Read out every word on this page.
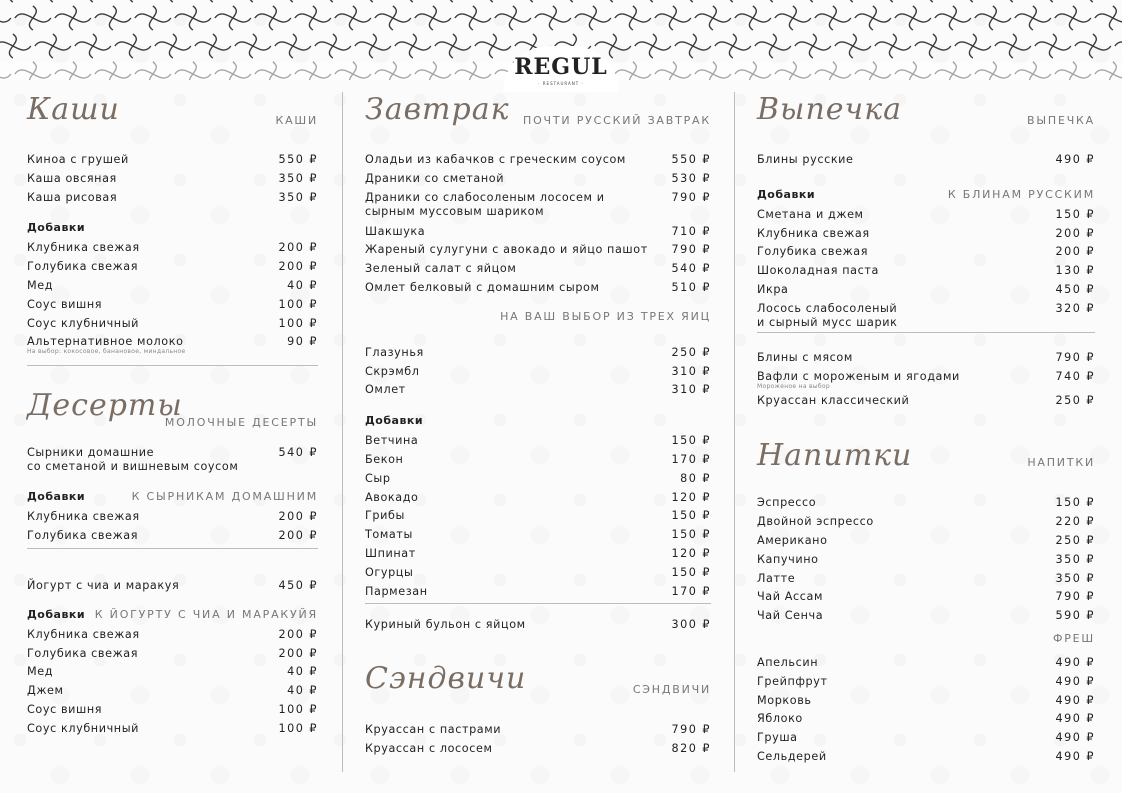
REGUL
· RESTAURANT ·
Каши	КАШИ
Киноа с грушей	550 ₽
Каша овсяная	350 ₽
Каша рисовая	350 ₽
Добавки
Клубника свежая	200 ₽
Голубика свежая	200 ₽
Мед	40 ₽
Соус вишня	100 ₽
Соус клубничный	100 ₽
Альтернативное молоко	90 ₽
На выбор: кокосовое, банановое, миндальное
Десерты
МОЛОЧНЫЕ ДЕСЕРТЫ
Сырники домашние
со сметаной и вишневым соусом
540 ₽
Добавки	К СЫРНИКАМ ДОМАШНИМ
Клубника свежая	200 ₽
Голубика свежая	200 ₽
Йогурт с чиа и маракуя	450 ₽
Добавки К ЙОГУРТУ С ЧИА И МАРАКУЙЯ
Клубника свежая	200 ₽
Голубика свежая	200 ₽
Мед	40 ₽
Джем	40 ₽
Соус вишня	100 ₽
Соус клубничный	100 ₽
Завтрак ПОЧТИ РУССКИЙ ЗАВТРАК
Оладьи из кабачков с греческим соусом	550 ₽
Драники со сметаной	530 ₽
Драники со слабосоленым лососем и
сырным муссовым шариком
790 ₽
Шакшука	710 ₽
Жареный сулугуни с авокадо и яйцо пашот 790 ₽
Зеленый салат с яйцом	540 ₽
Омлет белковый с домашним сыром	510 ₽
НА ВАШ ВЫБОР ИЗ ТРЕХ ЯИЦ
Глазунья	250 ₽
Скрэмбл	310 ₽
Омлет	310 ₽
Добавки
Ветчина	150 ₽
Бекон	170 ₽
Сыр	80 ₽
Авокадо	120 ₽
Грибы	150 ₽
Томаты	150 ₽
Шпинат	120 ₽
Огурцы	150 ₽
Пармезан	170 ₽
Куриный бульон с яйцом	300 ₽
Сэндвичи	СЭНДВИЧИ
Круассан с пастрами	790 ₽
Круассан с лососем	820 ₽
Выпечка	ВЫПЕЧКА
Блины русские	490 ₽
Добавки	К БЛИНАМ РУССКИМ
Сметана и джем	150 ₽
Клубника свежая	200 ₽
Голубика свежая	200 ₽
Шоколадная паста	130 ₽
Икра	450 ₽
Лосось слабосоленый
и сырный мусс шарик
320 ₽
Блины с мясом	790 ₽
Вафли с мороженым и ягодами	740 ₽
Мороженое на выбор
Круассан классический	250 ₽
Напитки	НАПИТКИ
Эспрессо	150 ₽
Двойной эспрессо	220 ₽
Американо	250 ₽
Капучино	350 ₽
Латте	350 ₽
Чай Ассам	790 ₽
Чай Сенча	590 ₽
ФРЕШ
Апельсин	490 ₽
Грейпфрут	490 ₽
Морковь	490 ₽
Яблоко	490 ₽
Груша	490 ₽
Сельдерей	490 ₽
